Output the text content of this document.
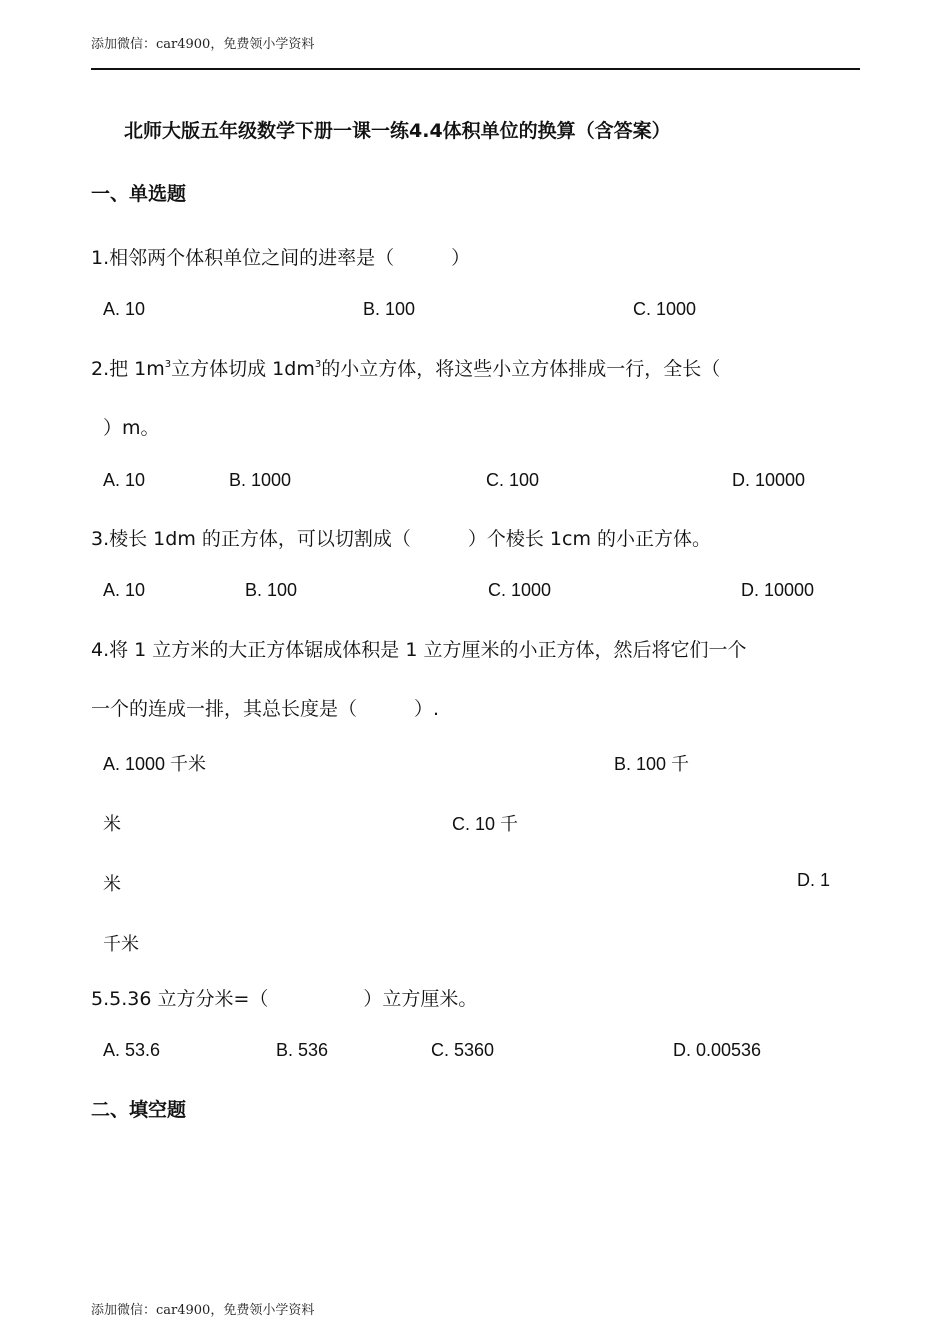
添加微信：car4900，免费领小学资料
北师大版五年级数学下册一课一练4.4体积单位的换算（含答案）
一、单选题
1.相邻两个体积单位之间的进率是（　　　）
A. 10	B. 100	C. 1000
2.把 $1m^3$立方体切成 $1dm^3$的小立方体，将这些小立方体排成一行，全长（
）m。
A. 10	B. 1000	C. 100	D. 10000
3.棱长 1dm 的正方体，可以切割成（　　　）个棱长 1cm 的小正方体。
A. 10	B. 100	C. 1000	D. 10000
4.将 1 立方米的大正方体锯成体积是 1 立方厘米的小正方体，然后将它们一个
一个的连成一排，其总长度是（　　　）.
A. 1000 千米	B. 100 千
米	C. 10 千
米	D. 1
千米
5.5.36 立方分米=（　　　　　）立方厘米。
A. 53.6	B. 536	C. 5360	D. 0.00536
二、填空题
添加微信：car4900，免费领小学资料
